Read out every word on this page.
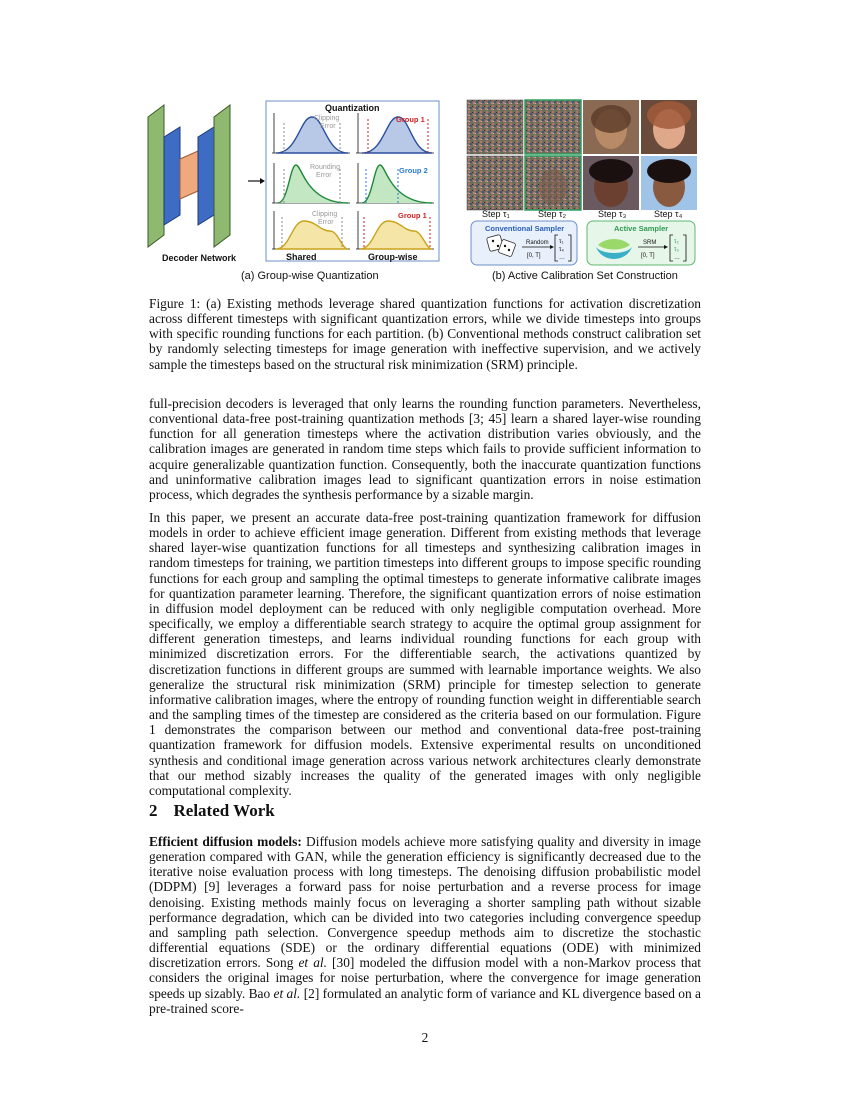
Decoder Network
Quantization
Clipping
Error
Group 1
Rounding
Error
Group 2
Clipping
Error
Group 1
Shared	Group-wise
(a) Group-wise Quantization
Step τ₁	Step τ₂	Step τ₃	Step τ₄
τ₁
τ₄
…
Conventional Sampler
Random
[0, T]
τ₂
τ₃
…
Active Sampler
SRM
[0, T]
(b) Active Calibration Set Construction

Figure 1: (a) Existing methods leverage shared quantization functions for activation discretization across different timesteps with significant quantization errors, while we divide timesteps into groups with specific rounding functions for each partition. (b) Conventional methods construct calibration set by randomly selecting timesteps for image generation with ineffective supervision, and we actively sample the timesteps based on the structural risk minimization (SRM) principle.

full-precision decoders is leveraged that only learns the rounding function parameters. Nevertheless, conventional data-free post-training quantization methods [3; 45] learn a shared layer-wise rounding function for all generation timesteps where the activation distribution varies obviously, and the calibration images are generated in random time steps which fails to provide sufficient information to acquire generalizable quantization function. Consequently, both the inaccurate quantization functions and uninformative calibration images lead to significant quantization errors in noise estimation process, which degrades the synthesis performance by a sizable margin.

In this paper, we present an accurate data-free post-training quantization framework for diffusion models in order to achieve efficient image generation. Different from existing methods that leverage shared layer-wise quantization functions for all timesteps and synthesizing calibration images in random timesteps for training, we partition timesteps into different groups to impose specific rounding functions for each group and sampling the optimal timesteps to generate informative calibrate images for quantization parameter learning. Therefore, the significant quantization errors of noise estimation in diffusion model deployment can be reduced with only negligible computation overhead. More specifically, we employ a differentiable search strategy to acquire the optimal group assignment for different generation timesteps, and learns individual rounding functions for each group with minimized discretization errors. For the differentiable search, the activations quantized by discretization functions in different groups are summed with learnable importance weights. We also generalize the structural risk minimization (SRM) principle for timestep selection to generate informative calibration images, where the entropy of rounding function weight in differentiable search and the sampling times of the timestep are considered as the criteria based on our formulation. Figure 1 demonstrates the comparison between our method and conventional data-free post-training quantization framework for diffusion models. Extensive experimental results on unconditioned synthesis and conditional image generation across various network architectures clearly demonstrate that our method sizably increases the quality of the generated images with only negligible computational complexity.

2 Related Work

Efficient diffusion models: Diffusion models achieve more satisfying quality and diversity in image generation compared with GAN, while the generation efficiency is significantly decreased due to the iterative noise evaluation process with long timesteps. The denoising diffusion probabilistic model (DDPM) [9] leverages a forward pass for noise perturbation and a reverse process for image denoising. Existing methods mainly focus on leveraging a shorter sampling path without sizable performance degradation, which can be divided into two categories including convergence speedup and sampling path selection. Convergence speedup methods aim to discretize the stochastic differential equations (SDE) or the ordinary differential equations (ODE) with minimized discretization errors. Song et al. [30] modeled the diffusion model with a non-Markov process that considers the original images for noise perturbation, where the convergence for image generation speeds up sizably. Bao et al. [2] formulated an analytic form of variance and KL divergence based on a pre-trained score-

2
